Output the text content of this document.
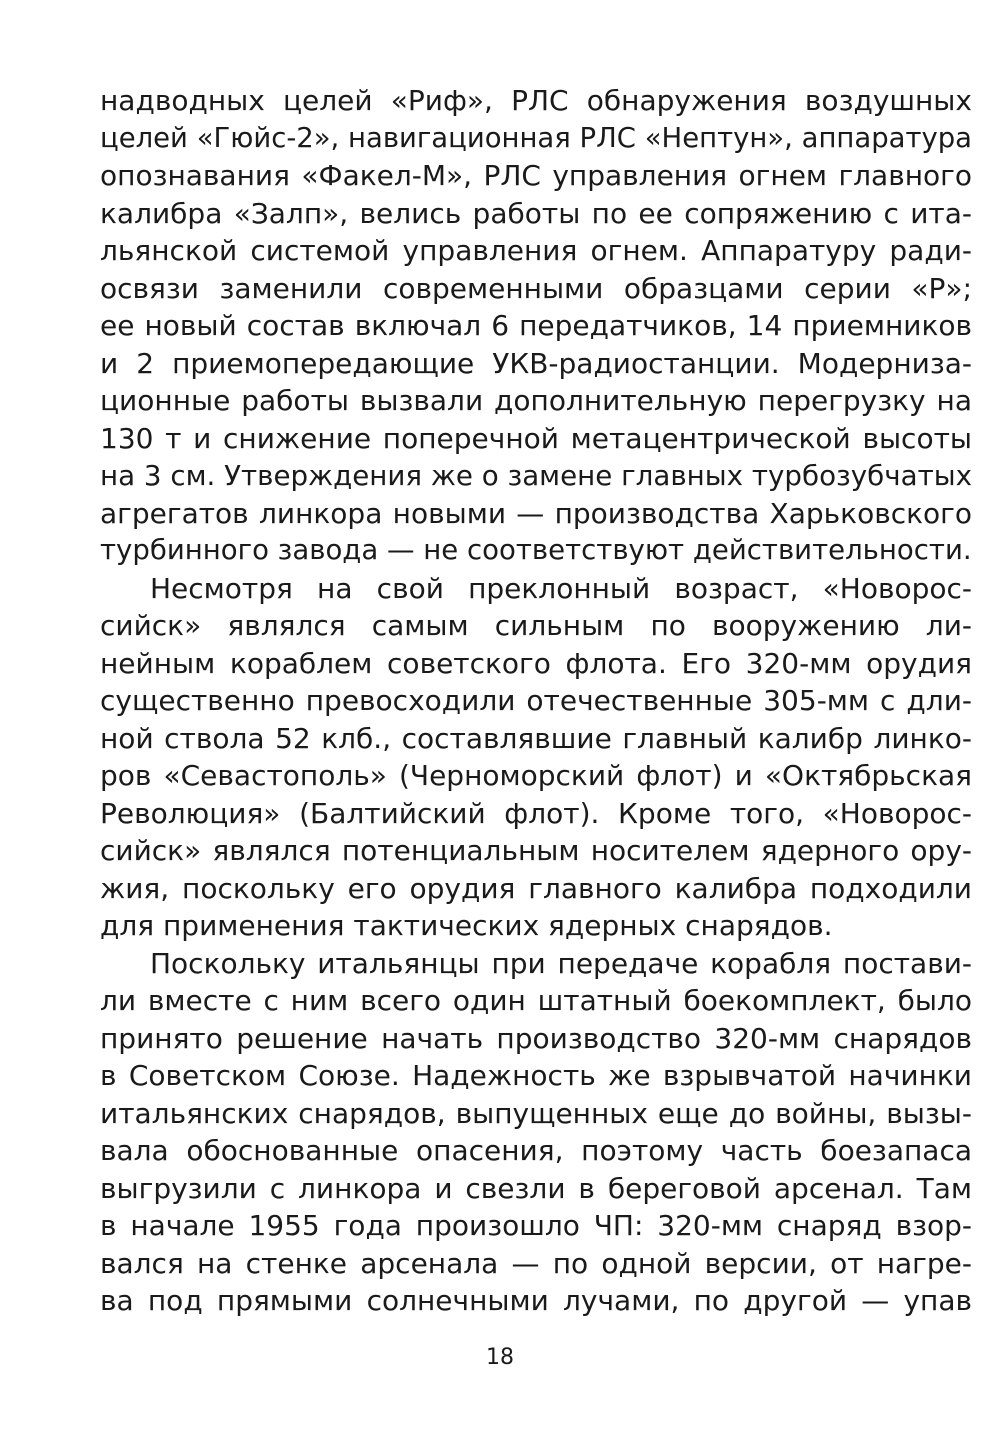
надводных целей «Риф», РЛС обнаружения воздушных
целей «Гюйс-2», навигационная РЛС «Нептун», аппаратура
опознавания «Факел-М», РЛС управления огнем главного
калибра «Залп», велись работы по ее сопряжению с ита-
льянской системой управления огнем. Аппаратуру ради-
освязи заменили современными образцами серии «Р»;
ее новый состав включал 6 передатчиков, 14 приемников
и 2 приемопередающие УКВ-радиостанции. Модерниза-
ционные работы вызвали дополнительную перегрузку на
130 т и снижение поперечной метацентрической высоты
на 3 см. Утверждения же о замене главных турбозубчатых
агрегатов линкора новыми — производства Харьковского
турбинного завода — не соответствуют действительности.
Несмотря на свой преклонный возраст, «Новорос-
сийск» являлся самым сильным по вооружению ли-
нейным кораблем советского флота. Его 320-мм орудия
существенно превосходили отечественные 305-мм с дли-
ной ствола 52 клб., составлявшие главный калибр линко-
ров «Севастополь» (Черноморский флот) и «Октябрьская
Революция» (Балтийский флот). Кроме того, «Новорос-
сийск» являлся потенциальным носителем ядерного ору-
жия, поскольку его орудия главного калибра подходили
для применения тактических ядерных снарядов.
Поскольку итальянцы при передаче корабля постави-
ли вместе с ним всего один штатный боекомплект, было
принято решение начать производство 320-мм снарядов
в Советском Союзе. Надежность же взрывчатой начинки
итальянских снарядов, выпущенных еще до войны, вызы-
вала обоснованные опасения, поэтому часть боезапаса
выгрузили с линкора и свезли в береговой арсенал. Там
в начале 1955 года произошло ЧП: 320-мм снаряд взор-
вался на стенке арсенала — по одной версии, от нагре-
ва под прямыми солнечными лучами, по другой — упав
18
